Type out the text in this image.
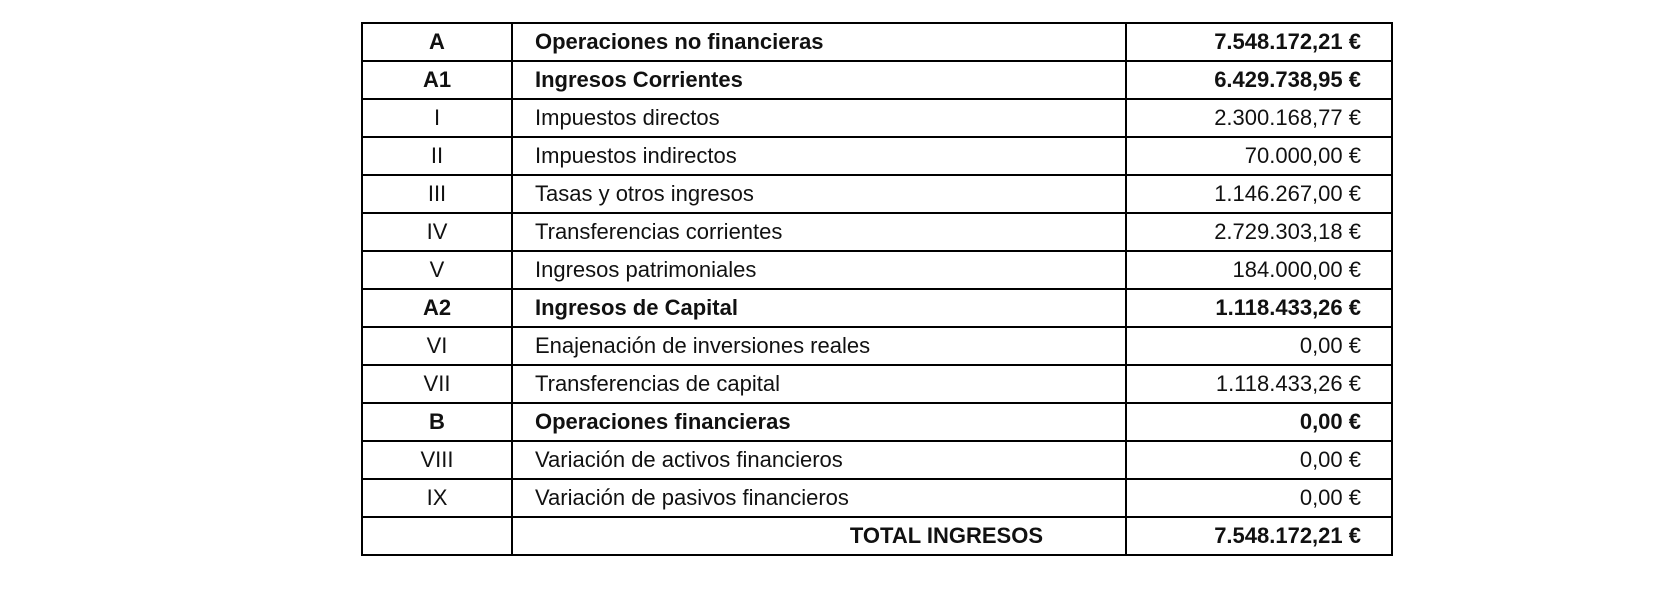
A	Operaciones no financieras	7.548.172,21 €
A1	Ingresos Corrientes	6.429.738,95 €
I	Impuestos directos	2.300.168,77 €
II	Impuestos indirectos	70.000,00 €
III	Tasas y otros ingresos	1.146.267,00 €
IV	Transferencias corrientes	2.729.303,18 €
V	Ingresos patrimoniales	184.000,00 €
A2	Ingresos de Capital	1.118.433,26 €
VI	Enajenación de inversiones reales	0,00 €
VII	Transferencias de capital	1.118.433,26 €
B	Operaciones financieras	0,00 €
VIII	Variación de activos financieros	0,00 €
IX	Variación de pasivos financieros	0,00 €
	TOTAL INGRESOS	7.548.172,21 €
